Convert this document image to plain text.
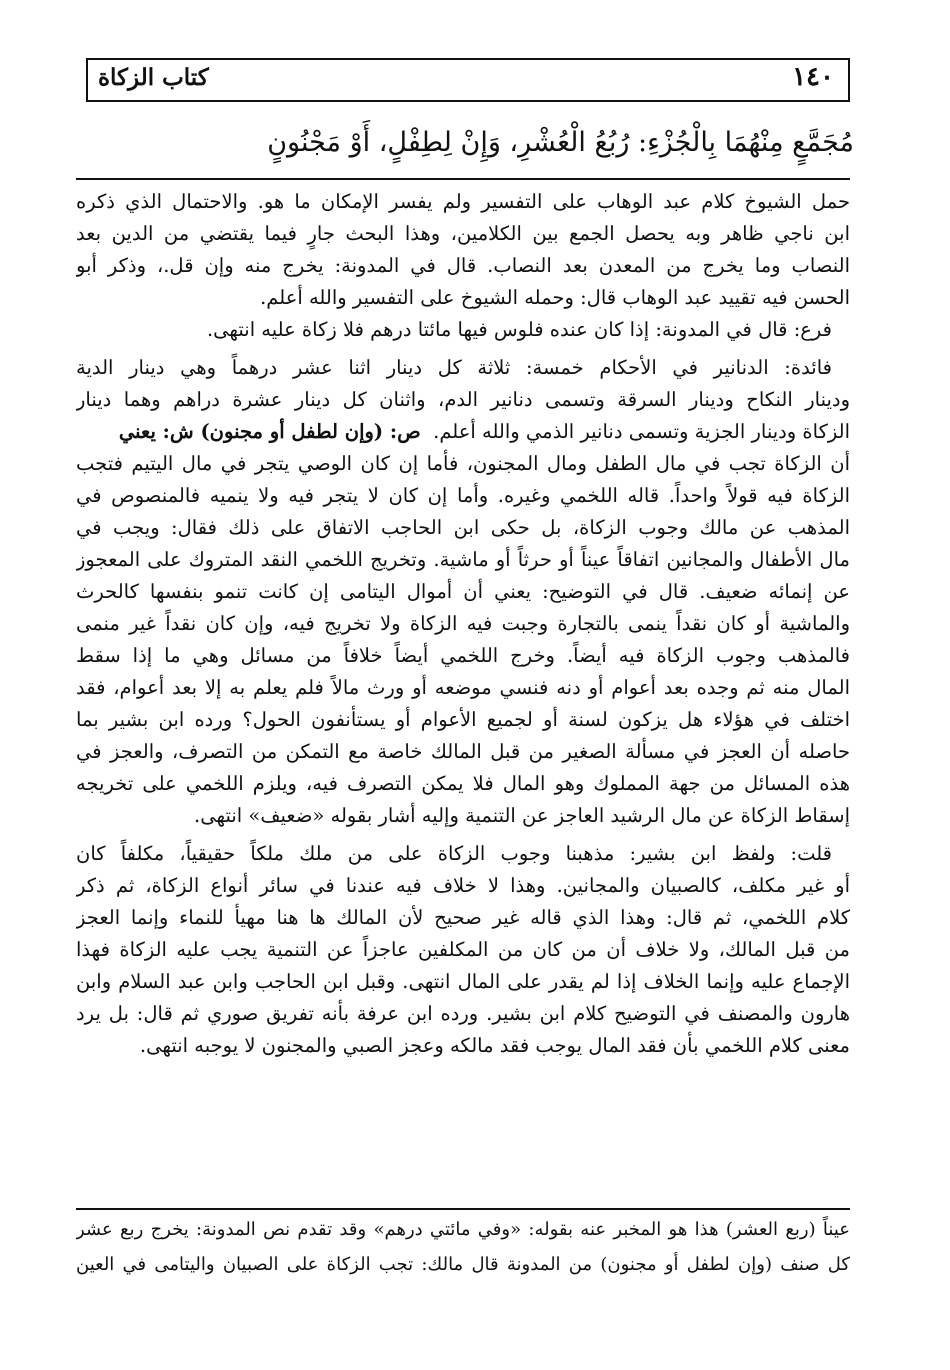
كتاب الزكاة	١٤٠
مُجَمَّعٍ مِنْهُمَا بِالْجُزْءِ: رُبُعُ الْعُشْرِ، وَإِنْ لِطِفْلٍ، أَوْ مَجْنُونٍ
حمل الشيوخ كلام عبد الوهاب على التفسير ولم يفسر الإمكان ما هو. والاحتمال الذي ذكره
ابن ناجي ظاهر وبه يحصل الجمع بين الكلامين، وهذا البحث جارٍ فيما يقتضي من الدين بعد
النصاب وما يخرج من المعدن بعد النصاب. قال في المدونة: يخرج منه وإن قل.، وذكر أبو
الحسن فيه تقييد عبد الوهاب قال: وحمله الشيوخ على التفسير والله أعلم.
فرع: قال في المدونة: إذا كان عنده فلوس فيها مائتا درهم فلا زكاة عليه انتهى.
فائدة: الدنانير في الأحكام خمسة: ثلاثة كل دينار اثنا عشر درهماً وهي دينار الدية
ودينار النكاح ودينار السرقة وتسمى دنانير الدم، واثنان كل دينار عشرة دراهم وهما دينار
الزكاة ودينار الجزية وتسمى دنانير الذمي والله أعلم.  ص: (وإن لطفل أو مجنون) ش: يعني
أن الزكاة تجب في مال الطفل ومال المجنون، فأما إن كان الوصي يتجر في مال اليتيم فتجب
الزكاة فيه قولاً واحداً. قاله اللخمي وغيره. وأما إن كان لا يتجر فيه ولا ينميه فالمنصوص في
المذهب عن مالك وجوب الزكاة، بل حكى ابن الحاجب الاتفاق على ذلك فقال: ويجب في
مال الأطفال والمجانين اتفاقاً عيناً أو حرثاً أو ماشية. وتخريج اللخمي النقد المتروك على المعجوز
عن إنمائه ضعيف. قال في التوضيح: يعني أن أموال اليتامى إن كانت تنمو بنفسها كالحرث
والماشية أو كان نقداً ينمى بالتجارة وجبت فيه الزكاة ولا تخريج فيه، وإن كان نقداً غير منمى
فالمذهب وجوب الزكاة فيه أيضاً. وخرج اللخمي أيضاً خلافاً من مسائل وهي ما إذا سقط
المال منه ثم وجده بعد أعوام أو دنه فنسي موضعه أو ورث مالاً فلم يعلم به إلا بعد أعوام، فقد
اختلف في هؤلاء هل يزكون لسنة أو لجميع الأعوام أو يستأنفون الحول؟ ورده ابن بشير بما
حاصله أن العجز في مسألة الصغير من قبل المالك خاصة مع التمكن من التصرف، والعجز في
هذه المسائل من جهة المملوك وهو المال فلا يمكن التصرف فيه، ويلزم اللخمي على تخريجه
إسقاط الزكاة عن مال الرشيد العاجز عن التنمية وإليه أشار بقوله «ضعيف» انتهى.
قلت: ولفظ ابن بشير: مذهبنا وجوب الزكاة على من ملك ملكاً حقيقياً، مكلفاً كان
أو غير مكلف، كالصبيان والمجانين. وهذا لا خلاف فيه عندنا في سائر أنواع الزكاة، ثم ذكر
كلام اللخمي، ثم قال: وهذا الذي قاله غير صحيح لأن المالك ها هنا مهيأ للنماء وإنما العجز
من قبل المالك، ولا خلاف أن من كان من المكلفين عاجزاً عن التنمية يجب عليه الزكاة فهذا
الإجماع عليه وإنما الخلاف إذا لم يقدر على المال انتهى. وقبل ابن الحاجب وابن عبد السلام وابن
هارون والمصنف في التوضيح كلام ابن بشير. ورده ابن عرفة بأنه تفريق صوري ثم قال: بل يرد
معنى كلام اللخمي بأن فقد المال يوجب فقد مالكه وعجز الصبي والمجنون لا يوجبه انتهى.
عيناً (ربع العشر) هذا هو المخبر عنه بقوله: «وفي مائتي درهم» وقد تقدم نص المدونة: يخرج ربع عشر
كل صنف (وإن لطفل أو مجنون) من المدونة قال مالك: تجب الزكاة على الصبيان واليتامى في العين
